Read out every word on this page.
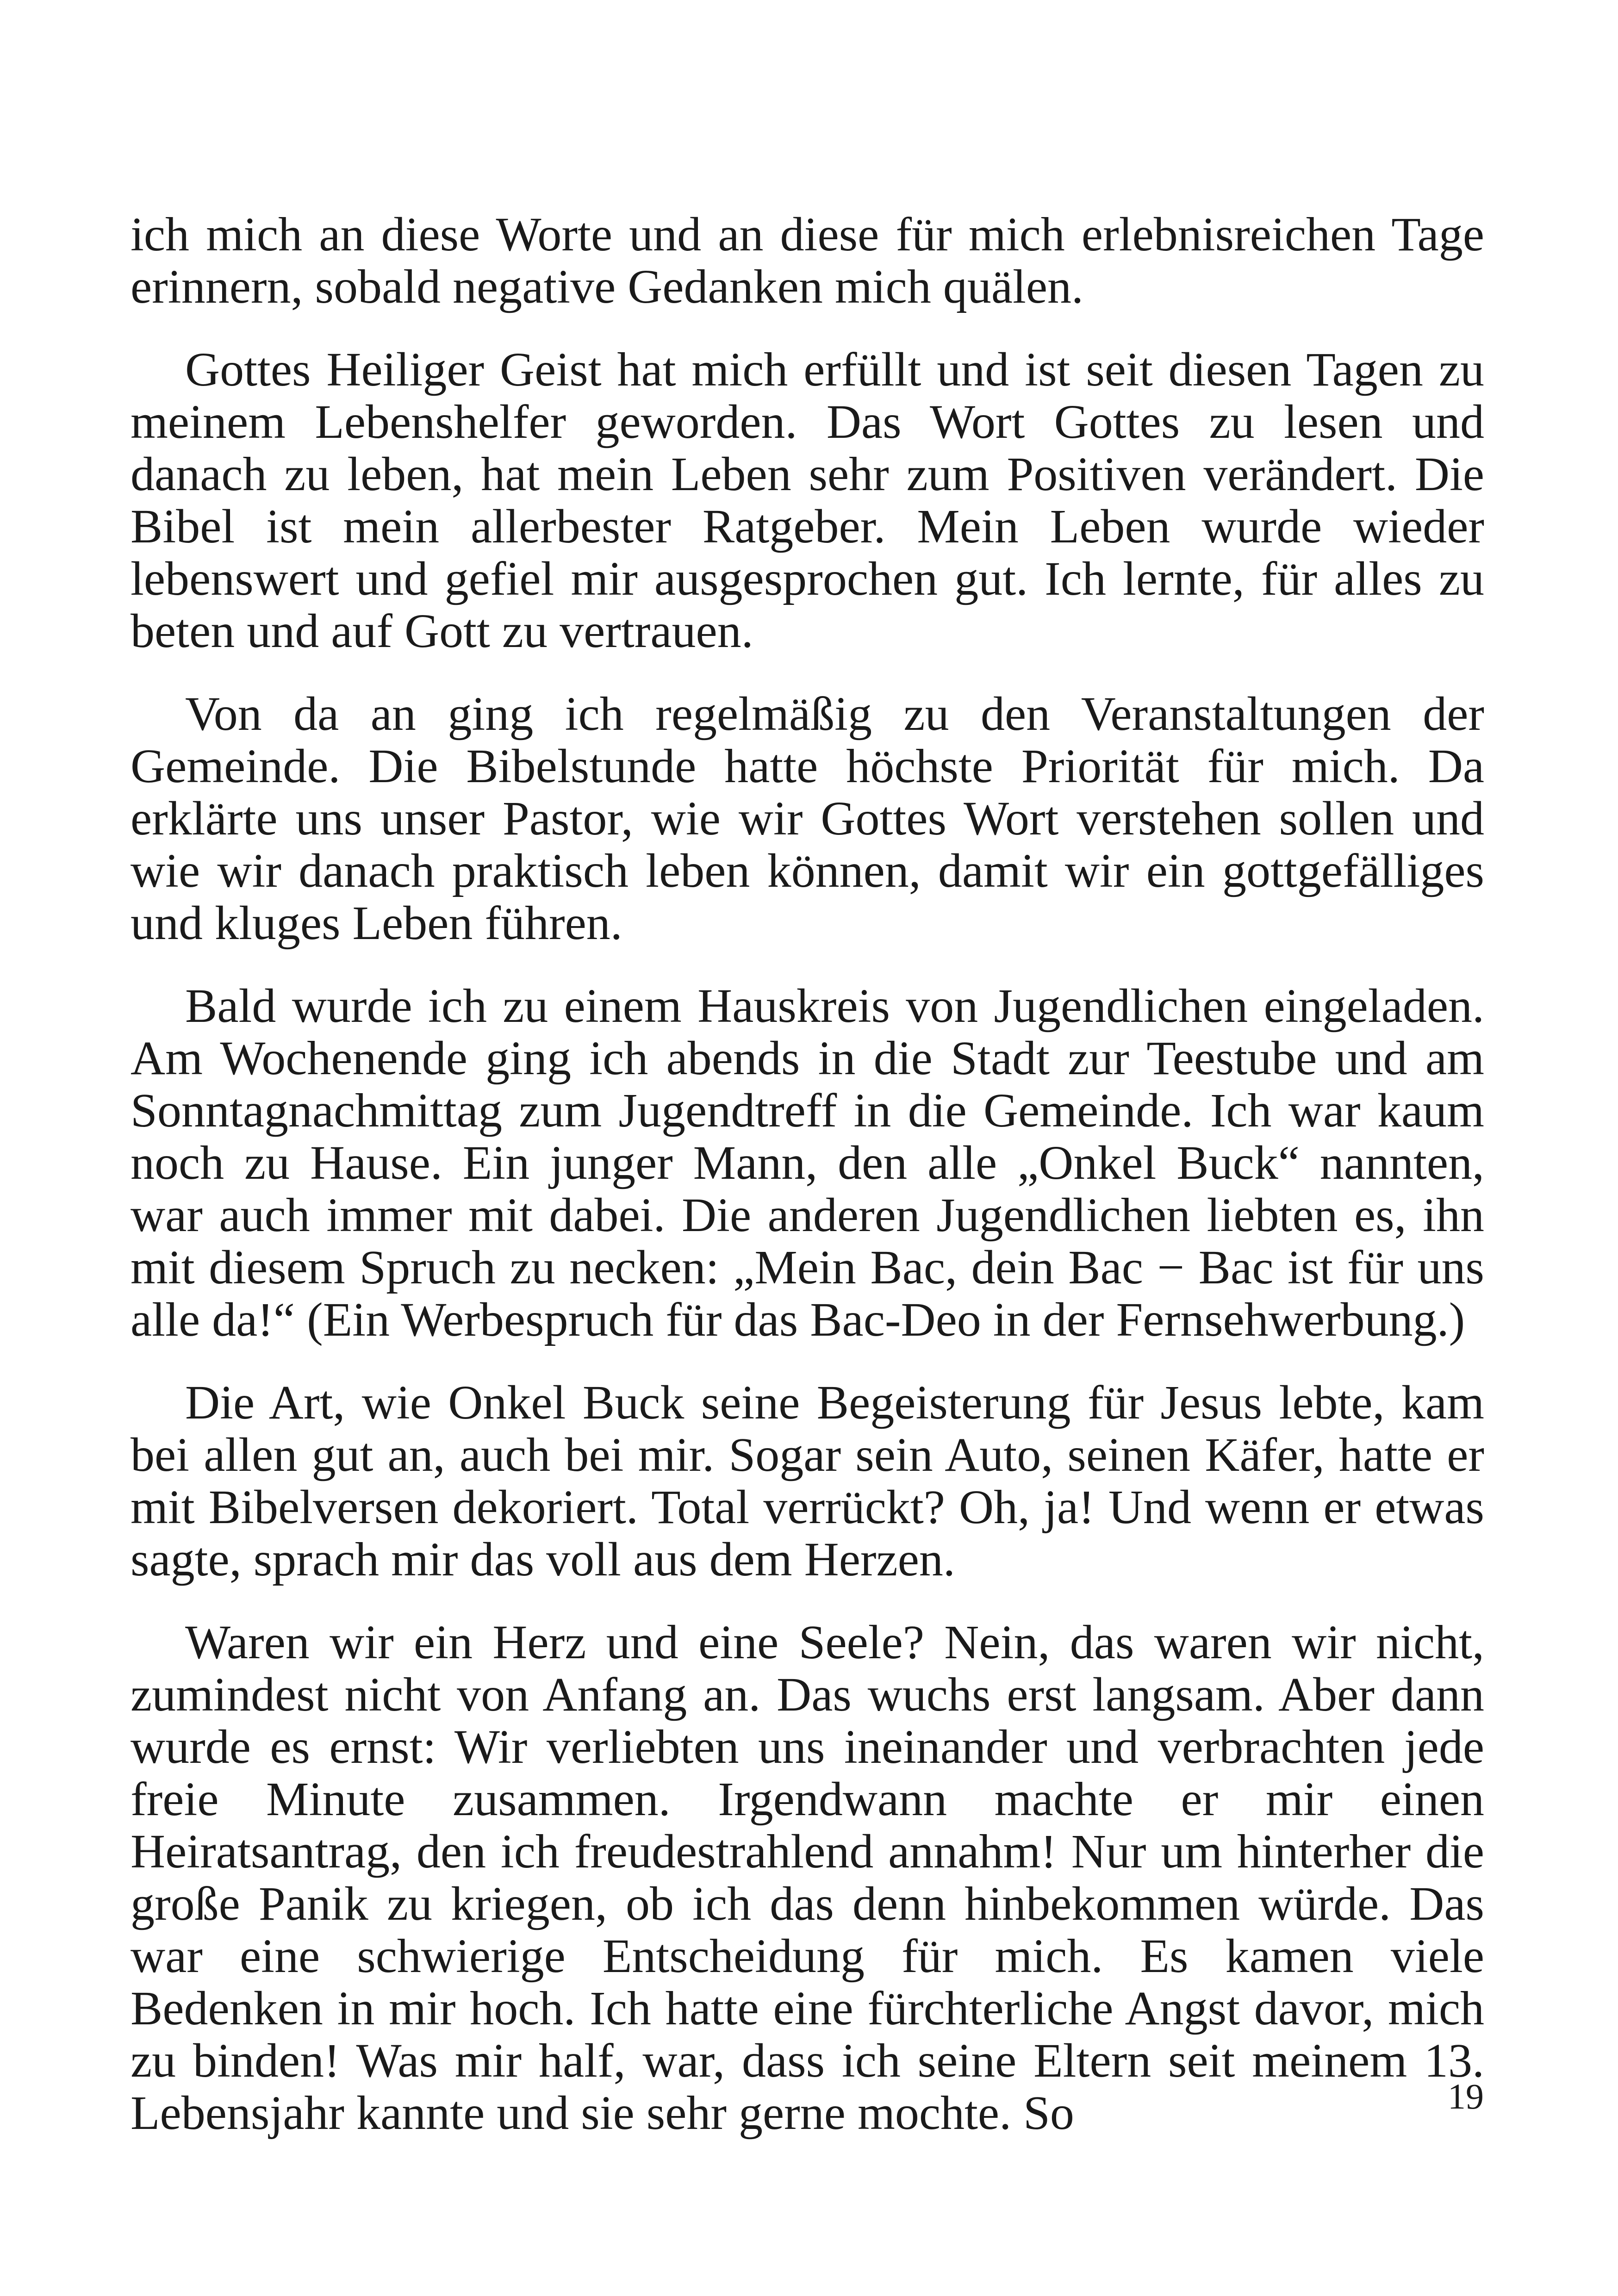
ich mich an diese Worte und an diese für mich erlebnisreichen Tage erinnern, sobald negative Gedanken mich quälen.

Gottes Heiliger Geist hat mich erfüllt und ist seit diesen Tagen zu meinem Lebenshelfer geworden. Das Wort Gottes zu lesen und danach zu leben, hat mein Leben sehr zum Positiven verändert. Die Bibel ist mein allerbester Ratgeber. Mein Leben wurde wieder lebenswert und gefiel mir ausgesprochen gut. Ich lernte, für alles zu beten und auf Gott zu vertrauen.

Von da an ging ich regelmäßig zu den Veranstaltungen der Gemeinde. Die Bibelstunde hatte höchste Priorität für mich. Da erklärte uns unser Pastor, wie wir Gottes Wort verstehen sollen und wie wir danach praktisch leben können, damit wir ein gottgefälliges und kluges Leben führen.

Bald wurde ich zu einem Hauskreis von Jugendlichen eingeladen. Am Wochenende ging ich abends in die Stadt zur Teestube und am Sonntagnachmittag zum Jugendtreff in die Gemeinde. Ich war kaum noch zu Hause. Ein junger Mann, den alle „Onkel Buck“ nannten, war auch immer mit dabei. Die anderen Jugendlichen liebten es, ihn mit diesem Spruch zu necken: „Mein Bac, dein Bac − Bac ist für uns alle da!“ (Ein Werbespruch für das Bac-Deo in der Fernsehwerbung.)

Die Art, wie Onkel Buck seine Begeisterung für Jesus lebte, kam bei allen gut an, auch bei mir. Sogar sein Auto, seinen Käfer, hatte er mit Bibelversen dekoriert. Total verrückt? Oh, ja! Und wenn er etwas sagte, sprach mir das voll aus dem Herzen.

Waren wir ein Herz und eine Seele? Nein, das waren wir nicht, zumindest nicht von Anfang an. Das wuchs erst langsam. Aber dann wurde es ernst: Wir verliebten uns ineinander und verbrachten jede freie Minute zusammen. Irgendwann machte er mir einen Heiratsantrag, den ich freudestrahlend annahm! Nur um hinterher die große Panik zu kriegen, ob ich das denn hinbekommen würde. Das war eine schwierige Entscheidung für mich. Es kamen viele Bedenken in mir hoch. Ich hatte eine fürchterliche Angst davor, mich zu binden! Was mir half, war, dass ich seine Eltern seit meinem 13. Lebensjahr kannte und sie sehr gerne mochte. So	19
